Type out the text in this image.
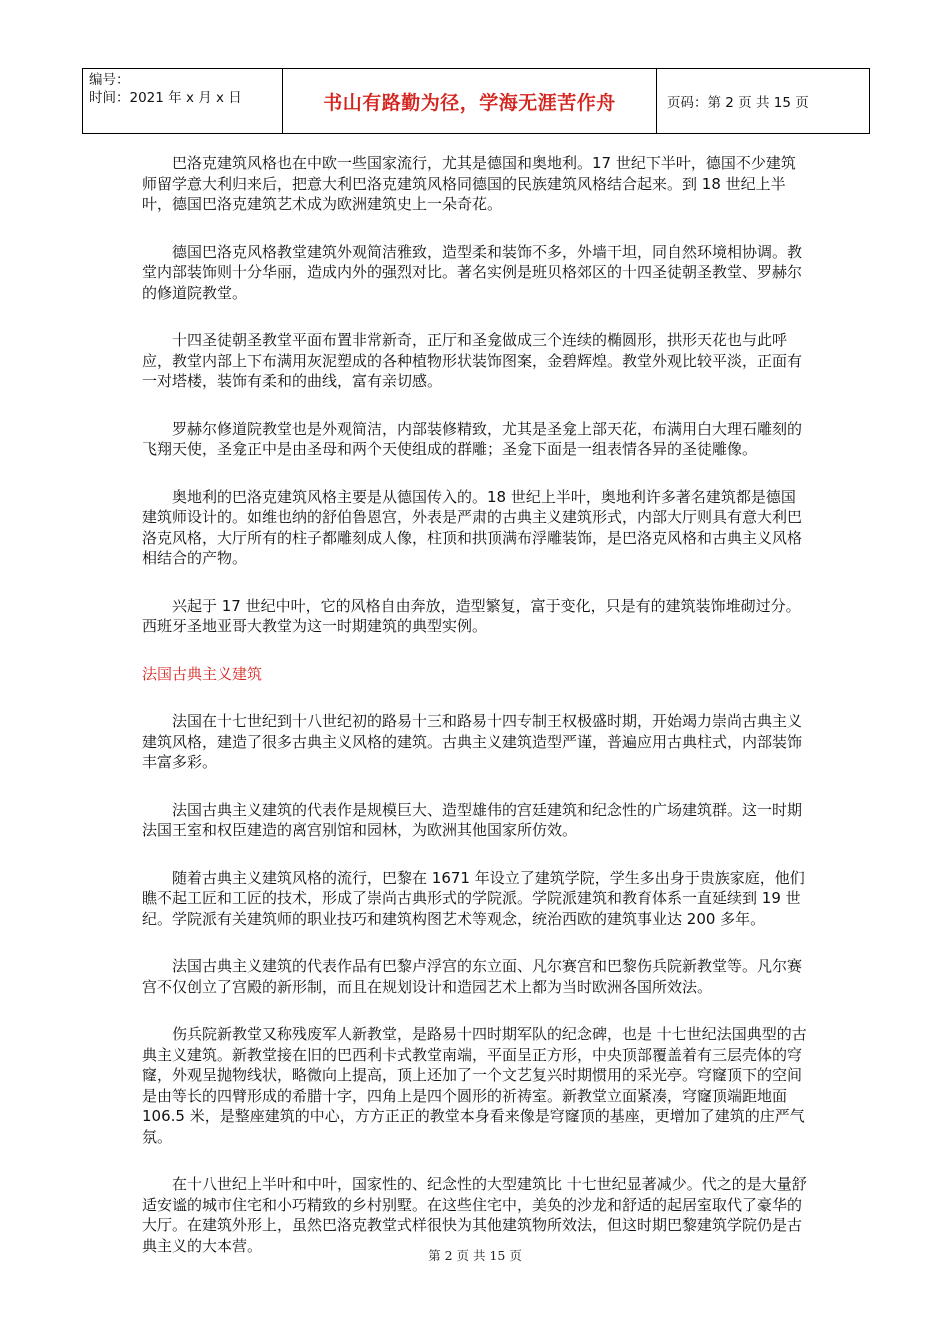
编号：
时间：2021 年 x 月 x 日	书山有路勤为径，学海无涯苦作舟	页码：第 2 页 共 15 页

巴洛克建筑风格也在中欧一些国家流行，尤其是德国和奥地利。17 世纪下半叶，德国不少建筑师留学意大利归来后，把意大利巴洛克建筑风格同德国的民族建筑风格结合起来。到 18 世纪上半叶，德国巴洛克建筑艺术成为欧洲建筑史上一朵奇花。

德国巴洛克风格教堂建筑外观简洁雅致，造型柔和装饰不多，外墙干坦，同自然环境相协调。教堂内部装饰则十分华丽，造成内外的强烈对比。著名实例是班贝格郊区的十四圣徒朝圣教堂、罗赫尔的修道院教堂。

十四圣徒朝圣教堂平面布置非常新奇，正厅和圣龛做成三个连续的椭圆形，拱形天花也与此呼应，教堂内部上下布满用灰泥塑成的各种植物形状装饰图案，金碧辉煌。教堂外观比较平淡，正面有一对塔楼，装饰有柔和的曲线，富有亲切感。

罗赫尔修道院教堂也是外观简洁，内部装修精致，尤其是圣龛上部天花，布满用白大理石雕刻的飞翔天使，圣龛正中是由圣母和两个天使组成的群雕；圣龛下面是一组表情各异的圣徒雕像。

奥地利的巴洛克建筑风格主要是从德国传入的。18 世纪上半叶，奥地利许多著名建筑都是德国建筑师设计的。如维也纳的舒伯鲁恩宫，外表是严肃的古典主义建筑形式，内部大厅则具有意大利巴洛克风格，大厅所有的柱子都雕刻成人像，柱顶和拱顶满布浮雕装饰，是巴洛克风格和古典主义风格相结合的产物。

兴起于 17 世纪中叶，它的风格自由奔放，造型繁复，富于变化，只是有的建筑装饰堆砌过分。西班牙圣地亚哥大教堂为这一时期建筑的典型实例。

法国古典主义建筑

法国在十七世纪到十八世纪初的路易十三和路易十四专制王权极盛时期，开始竭力崇尚古典主义建筑风格，建造了很多古典主义风格的建筑。古典主义建筑造型严谨，普遍应用古典柱式，内部装饰丰富多彩。

法国古典主义建筑的代表作是规模巨大、造型雄伟的宫廷建筑和纪念性的广场建筑群。这一时期法国王室和权臣建造的离宫别馆和园林，为欧洲其他国家所仿效。

随着古典主义建筑风格的流行，巴黎在 1671 年设立了建筑学院，学生多出身于贵族家庭，他们瞧不起工匠和工匠的技术，形成了崇尚古典形式的学院派。学院派建筑和教育体系一直延续到 19 世纪。学院派有关建筑师的职业技巧和建筑构图艺术等观念，统治西欧的建筑事业达 200 多年。

法国古典主义建筑的代表作品有巴黎卢浮宫的东立面、凡尔赛宫和巴黎伤兵院新教堂等。凡尔赛宫不仅创立了宫殿的新形制，而且在规划设计和造园艺术上都为当时欧洲各国所效法。

伤兵院新教堂又称残废军人新教堂，是路易十四时期军队的纪念碑，也是 十七世纪法国典型的古典主义建筑。新教堂接在旧的巴西利卡式教堂南端，平面呈正方形，中央顶部覆盖着有三层壳体的穹窿，外观呈抛物线状，略微向上提高，顶上还加了一个文艺复兴时期惯用的采光亭。穹窿顶下的空间是由等长的四臂形成的希腊十字，四角上是四个圆形的祈祷室。新教堂立面紧凑，穹窿顶端距地面 106.5 米，是整座建筑的中心，方方正正的教堂本身看来像是穹窿顶的基座，更增加了建筑的庄严气氛。

在十八世纪上半叶和中叶，国家性的、纪念性的大型建筑比 十七世纪显著减少。代之的是大量舒适安谧的城市住宅和小巧精致的乡村别墅。在这些住宅中，美奂的沙龙和舒适的起居室取代了豪华的大厅。在建筑外形上，虽然巴洛克教堂式样很快为其他建筑物所效法，但这时期巴黎建筑学院仍是古典主义的大本营。

第 2 页 共 15 页
